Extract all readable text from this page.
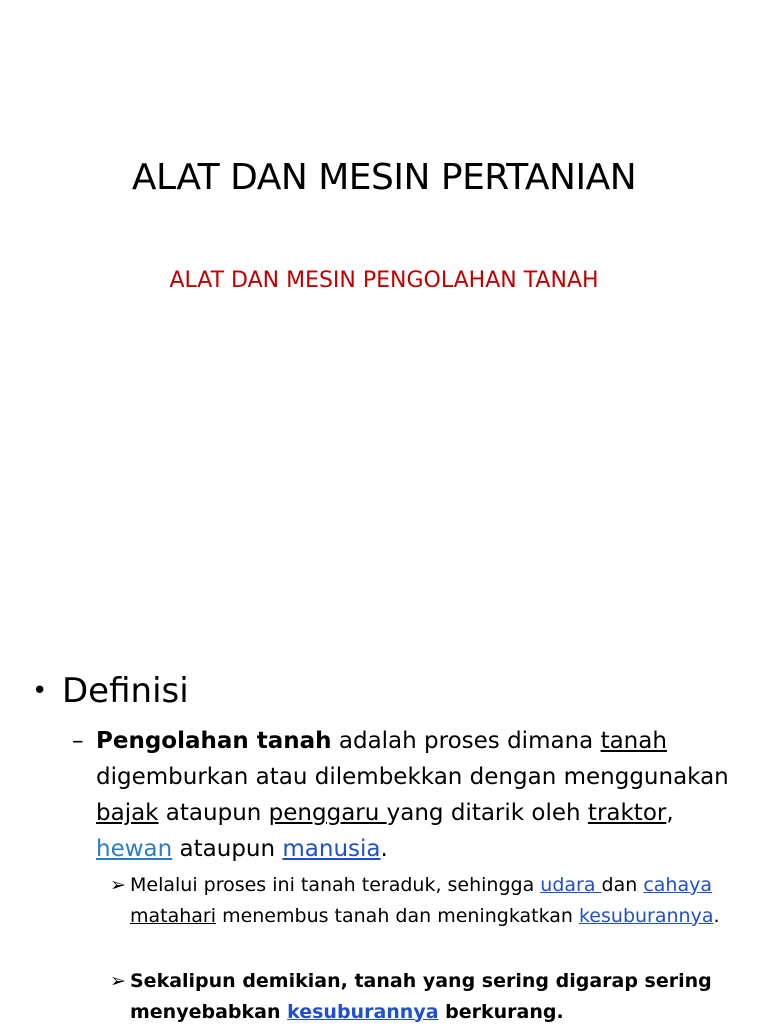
ALAT DAN MESIN PERTANIAN
ALAT DAN MESIN PENGOLAHAN TANAH
• Definisi
– Pengolahan tanah adalah proses dimana tanah digemburkan atau dilembekkan dengan menggunakan bajak ataupun penggaru yang ditarik oleh traktor, hewan ataupun manusia.
➢ Melalui proses ini tanah teraduk, sehingga udara dan cahaya matahari menembus tanah dan meningkatkan kesuburannya.
➢ Sekalipun demikian, tanah yang sering digarap sering menyebabkan kesuburannya berkurang.
